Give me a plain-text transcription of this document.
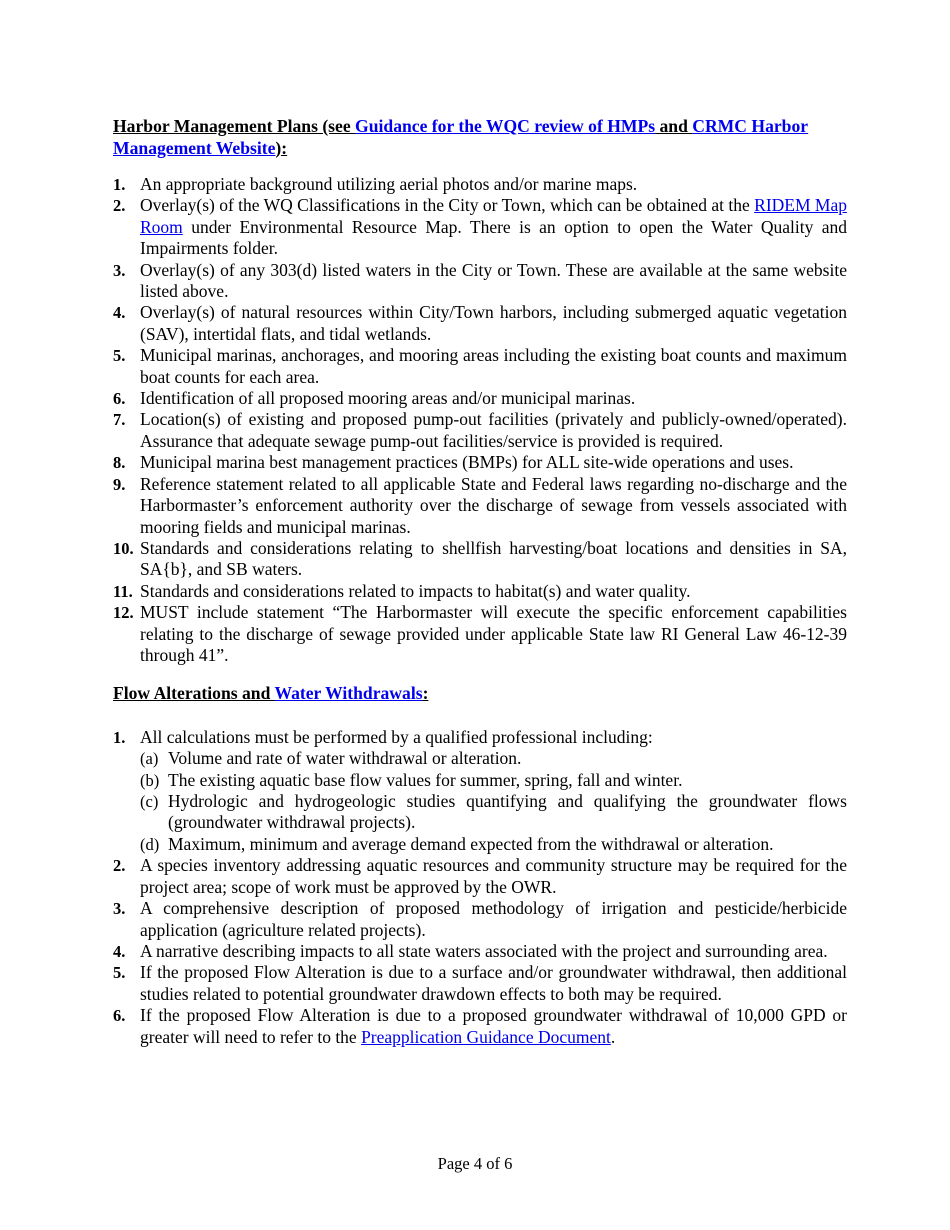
Harbor Management Plans (see Guidance for the WQC review of HMPs and CRMC Harbor Management Website):

1. An appropriate background utilizing aerial photos and/or marine maps.
2. Overlay(s) of the WQ Classifications in the City or Town, which can be obtained at the RIDEM Map Room under Environmental Resource Map. There is an option to open the Water Quality and Impairments folder.
3. Overlay(s) of any 303(d) listed waters in the City or Town. These are available at the same website listed above.
4. Overlay(s) of natural resources within City/Town harbors, including submerged aquatic vegetation (SAV), intertidal flats, and tidal wetlands.
5. Municipal marinas, anchorages, and mooring areas including the existing boat counts and maximum boat counts for each area.
6. Identification of all proposed mooring areas and/or municipal marinas.
7. Location(s) of existing and proposed pump-out facilities (privately and publicly-owned/operated). Assurance that adequate sewage pump-out facilities/service is provided is required.
8. Municipal marina best management practices (BMPs) for ALL site-wide operations and uses.
9. Reference statement related to all applicable State and Federal laws regarding no-discharge and the Harbormaster’s enforcement authority over the discharge of sewage from vessels associated with mooring fields and municipal marinas.
10. Standards and considerations relating to shellfish harvesting/boat locations and densities in SA, SA{b}, and SB waters.
11. Standards and considerations related to impacts to habitat(s) and water quality.
12. MUST include statement “The Harbormaster will execute the specific enforcement capabilities relating to the discharge of sewage provided under applicable State law RI General Law 46-12-39 through 41”.

Flow Alterations and Water Withdrawals:

1. All calculations must be performed by a qualified professional including:
(a) Volume and rate of water withdrawal or alteration.
(b) The existing aquatic base flow values for summer, spring, fall and winter.
(c) Hydrologic and hydrogeologic studies quantifying and qualifying the groundwater flows (groundwater withdrawal projects).
(d) Maximum, minimum and average demand expected from the withdrawal or alteration.
2. A species inventory addressing aquatic resources and community structure may be required for the project area; scope of work must be approved by the OWR.
3. A comprehensive description of proposed methodology of irrigation and pesticide/herbicide application (agriculture related projects).
4. A narrative describing impacts to all state waters associated with the project and surrounding area.
5. If the proposed Flow Alteration is due to a surface and/or groundwater withdrawal, then additional studies related to potential groundwater drawdown effects to both may be required.
6. If the proposed Flow Alteration is due to a proposed groundwater withdrawal of 10,000 GPD or greater will need to refer to the Preapplication Guidance Document.
Page 4 of 6
